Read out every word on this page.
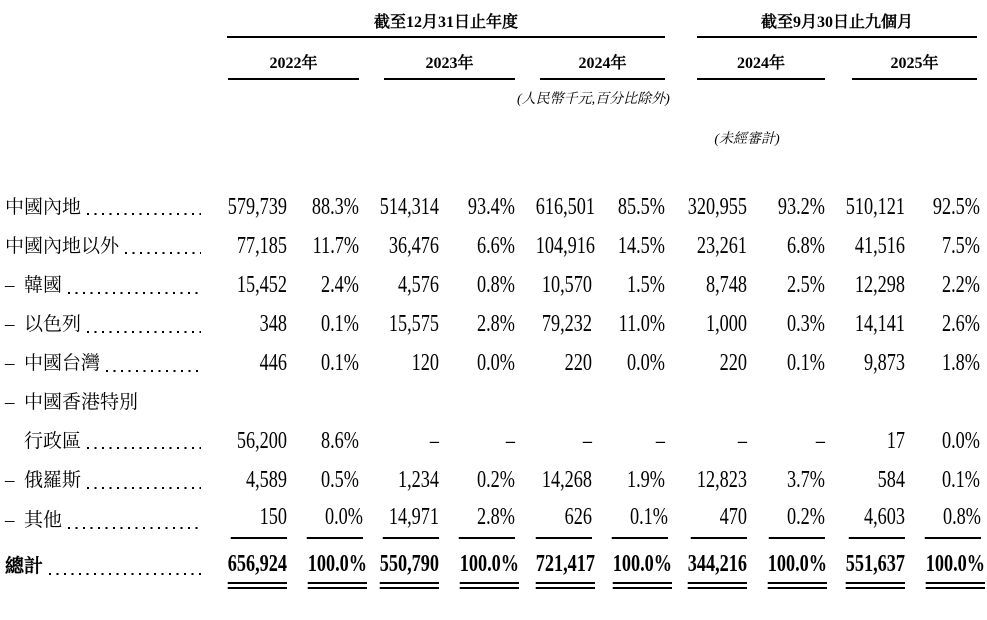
	截至12月31日止年度						截至9月30日止九個月			

	2022年		2023年		2024年		2024年		2025年	

					(人民幣千元,百分比除外)					

							(未經審計)			

中國內地	579,739	88.3%	514,314	93.4%	616,501	85.5%	320,955	93.2%	510,121	92.5%

中國內地以外	77,185	11.7%	36,476	6.6%	104,916	14.5%	23,261	6.8%	41,516	7.5%

– 韓國	15,452	2.4%	4,576	0.8%	10,570	1.5%	8,748	2.5%	12,298	2.2%

– 以色列	348	0.1%	15,575	2.8%	79,232	11.0%	1,000	0.3%	14,141	2.6%

– 中國台灣	446	0.1%	120	0.0%	220	0.0%	220	0.1%	9,873	1.8%

– 中國香港特別										

行政區	56,200	8.6%	–	–	–	–	–	–	17	0.0%

– 俄羅斯	4,589	0.5%	1,234	0.2%	14,268	1.9%	12,823	3.7%	584	0.1%

– 其他	150	0.0%	14,971	2.8%	626	0.1%	470	0.2%	4,603	0.8%

總計	656,924	100.0%	550,790	100.0%	721,417	100.0%	344,216	100.0%	551,637	100.0%
